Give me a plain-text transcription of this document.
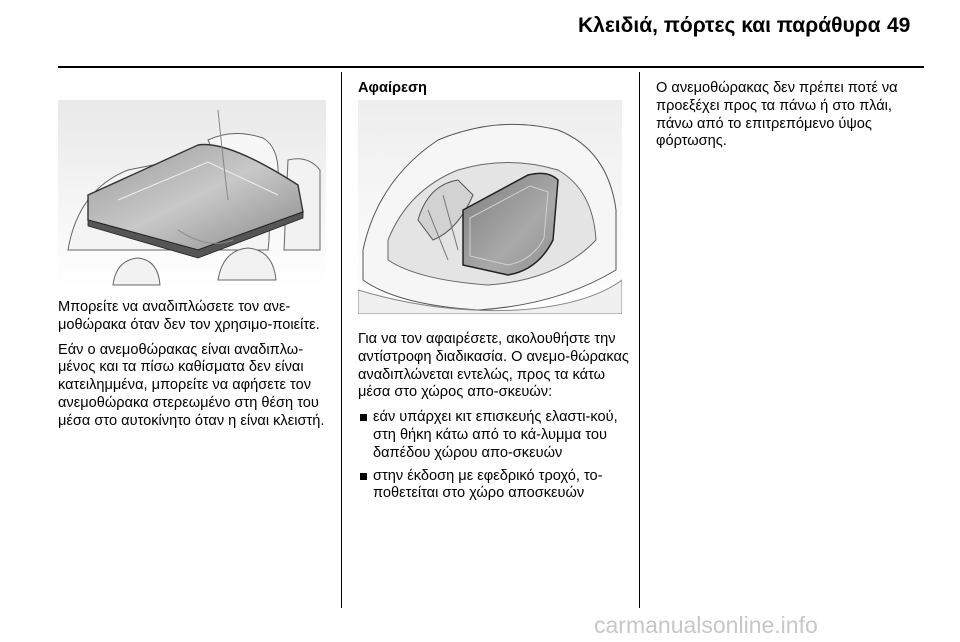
Κλειδιά, πόρτες και παράθυρα 49

Μπορείτε να αναδιπλώσετε τον ανε-μοθώρακα όταν δεν τον χρησιμο-ποιείτε.

Εάν ο ανεμοθώρακας είναι αναδιπλω-μένος και τα πίσω καθίσματα δεν είναι κατειλημμένα, μπορείτε να αφήσετε τον ανεμοθώρακα στερεωμένο στη θέση του μέσα στο αυτοκίνητο όταν η είναι κλειστή.

Αφαίρεση

Για να τον αφαιρέσετε, ακολουθήστε την αντίστροφη διαδικασία. Ο ανεμο-θώρακας αναδιπλώνεται εντελώς, προς τα κάτω μέσα στο χώρος απο-σκευών:

εάν υπάρχει κιτ επισκευής ελαστι-κού, στη θήκη κάτω από το κά-λυμμα του δαπέδου χώρου απο-σκευών
στην έκδοση με εφεδρικό τροχό, το-ποθετείται στο χώρο αποσκευών

Ο ανεμοθώρακας δεν πρέπει ποτέ να προεξέχει προς τα πάνω ή στο πλάι, πάνω από το επιτρεπόμενο ύψος φόρτωσης.

carmanualsonline.info
